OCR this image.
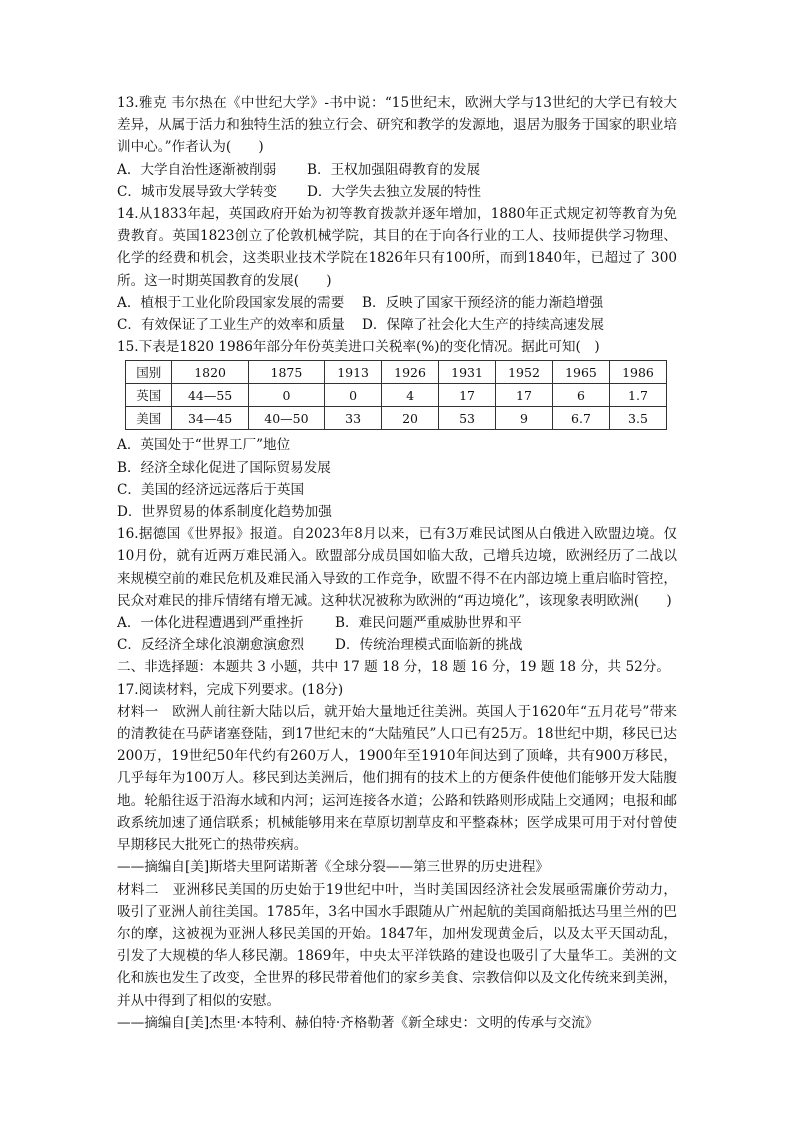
13.雅克 韦尔热在《中世纪大学》-书中说：“15世纪末，欧洲大学与13世纪的大学已有较大差异，从属于活力和独特生活的独立行会、研究和教学的发源地，退居为服务于国家的职业培训中心。”作者认为(　　)

A．大学自治性逐渐被削弱	B．王权加强阻碍教育的发展
C．城市发展导致大学转变	D．大学失去独立发展的特性

14.从1833年起，英国政府开始为初等教育拨款并逐年增加，1880年正式规定初等教育为免费教育。英国1823创立了伦敦机械学院，其目的在于向各行业的工人、技师提供学习物理、化学的经费和机会，这类职业技术学院在1826年只有100所，而到1840年，已超过了 300所。这一时期英国教育的发展(　　)

A．植根于工业化阶段国家发展的需要	B．反映了国家干预经济的能力渐趋增强
C．有效保证了工业生产的效率和质量	D．保障了社会化大生产的持续高速发展

15.下表是1820 1986年部分年份英美进口关税率(%)的变化情况。据此可知(　)

国别	1820	1875	1913	1926	1931	1952	1965	1986
英国	44—55	0	0	4	17	17	6	1.7
美国	34—45	40—50	33	20	53	9	6.7	3.5

A．英国处于“世界工厂”地位

B．经济全球化促进了国际贸易发展

C．美国的经济远远落后于英国

D．世界贸易的体系制度化趋势加强

16.据德国《世界报》报道。自2023年8月以来，已有3万难民试图从白俄进入欧盟边境。仅10月份，就有近两万难民涌入。欧盟部分成员国如临大敌，己增兵边境，欧洲经历了二战以来规模空前的难民危机及难民涌入导致的工作竞争，欧盟不得不在内部边境上重启临时管控，民众对难民的排斥情绪有增无减。这种状况被称为欧洲的“再边境化”，该现象表明欧洲(　　)

A．一体化进程遭遇到严重挫折	B．难民问题严重威胁世界和平
C．反经济全球化浪潮愈演愈烈	D．传统治理模式面临新的挑战

二、非选择题：本题共 3 小题，共中 17 题 18 分，18 题 16 分，19 题 18 分，共 52分。

17.阅读材料，完成下列要求。(18分)

材料一　欧洲人前往新大陆以后，就开始大量地迁往美洲。英国人于1620年“五月花号”带来的清教徒在马萨诸塞登陆，到17世纪末的“大陆殖民”人口已有25万。18世纪中期，移民已达200万，19世纪50年代约有260万人，1900年至1910年间达到了顶峰，共有900万移民，几乎每年为100万人。移民到达美洲后，他们拥有的技术上的方便条件使他们能够开发大陆腹地。轮船往返于沿海水域和内河；运河连接各水道；公路和铁路则形成陆上交通网；电报和邮政系统加速了通信联系；机械能够用来在草原切割草皮和平整森林；医学成果可用于对付曾使早期移民大批死亡的热带疾病。

——摘编自[美]斯塔夫里阿诺斯著《全球分裂——第三世界的历史进程》

材料二　亚洲移民美国的历史始于19世纪中叶，当时美国因经济社会发展亟需廉价劳动力，吸引了亚洲人前往美国。1785年，3名中国水手跟随从广州起航的美国商船抵达马里兰州的巴尔的摩，这被视为亚洲人移民美国的开始。1847年，加州发现黄金后，以及太平天国动乱，引发了大规模的华人移民潮。1869年，中央太平洋铁路的建设也吸引了大量华工。美洲的文化和族也发生了改变，全世界的移民带着他们的家乡美食、宗教信仰以及文化传统来到美洲，并从中得到了相似的安慰。

——摘编自[美]杰里·本特利、赫伯特·齐格勒著《新全球史：文明的传承与交流》
